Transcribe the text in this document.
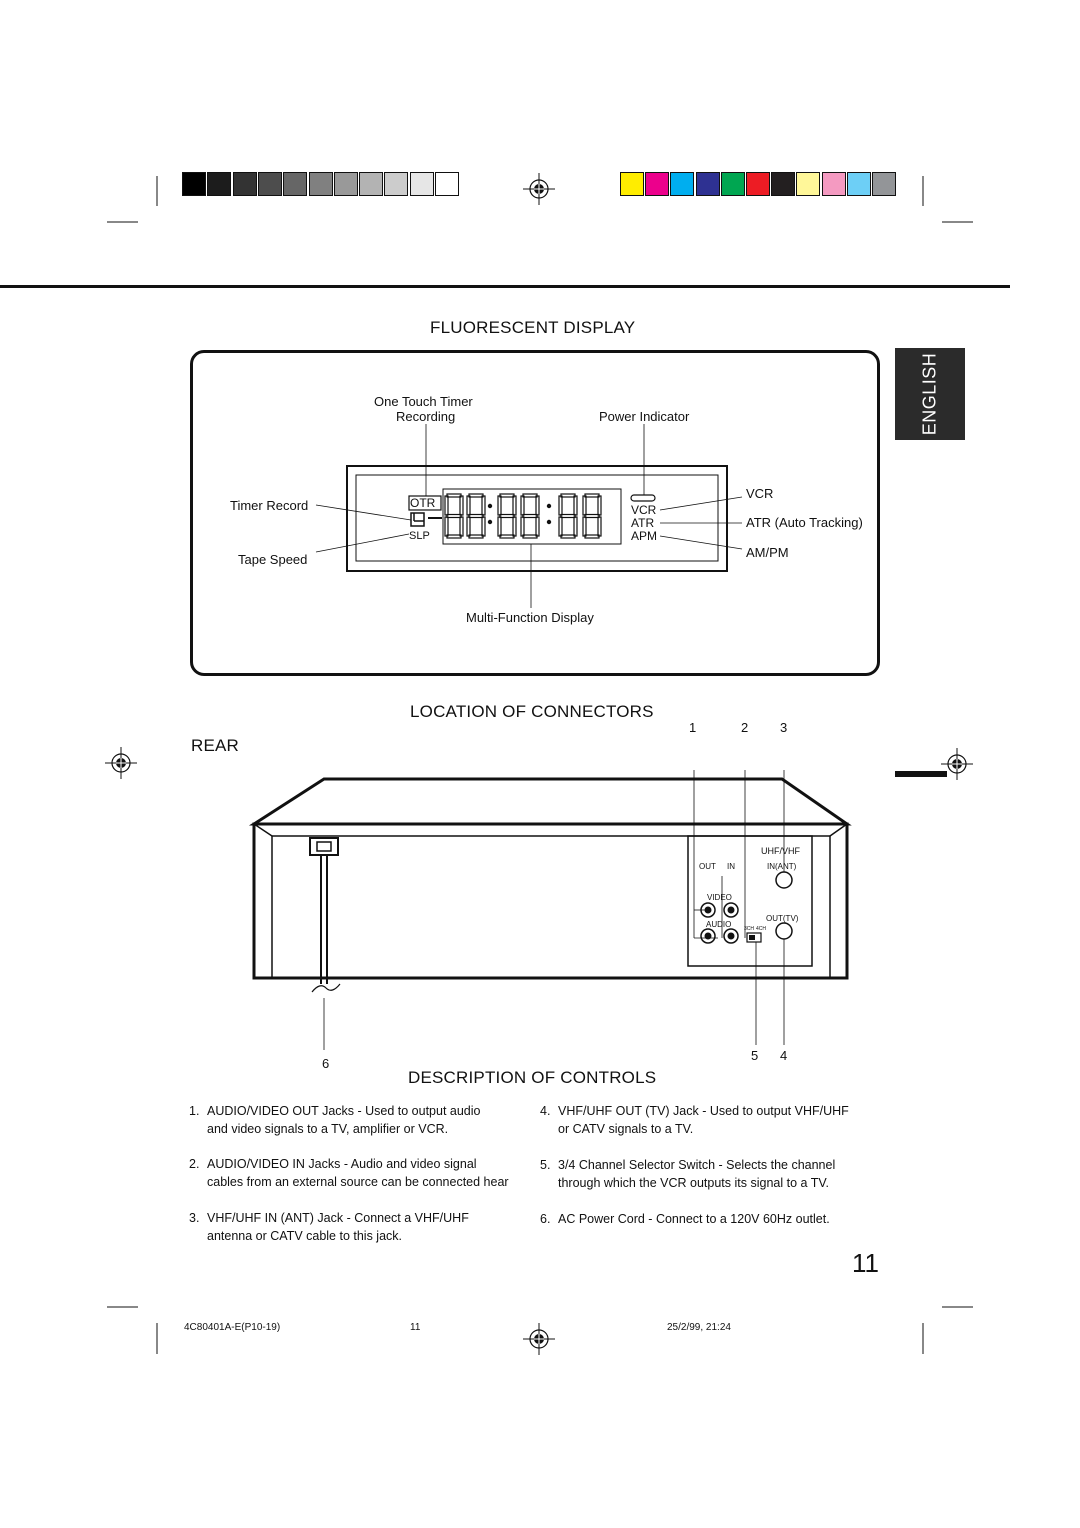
ENGLISH
FLUORESCENT DISPLAY
One Touch Timer
Recording	Power Indicator
Timer Record
Tape Speed
VCR
ATR (Auto Tracking)
AM/PM
Multi-Function Display
OTR
SLP
VCR
ATR
APM
LOCATION OF CONNECTORS
REAR
1	2 3
5 4
6
UHF/VHF
OUT IN	IN(ANT)
VIDEO
AUDIO
OUT(TV)
3CH 4CH
DESCRIPTION OF CONTROLS
1. AUDIO/VIDEO OUT Jacks - Used to output audio
and video signals to a TV, amplifier or VCR.
2. AUDIO/VIDEO IN Jacks - Audio and video signal
cables from an external source can be connected hear
3. VHF/UHF IN (ANT) Jack - Connect a VHF/UHF
antenna or CATV cable to this jack.
4. VHF/UHF OUT (TV) Jack - Used to output VHF/UHF
or CATV signals to a TV.
5. 3/4 Channel Selector Switch - Selects the channel
through which the VCR outputs its signal to a TV.
6. AC Power Cord - Connect to a 120V 60Hz outlet.
11
4C80401A-E(P10-19)	11	25/2/99, 21:24
